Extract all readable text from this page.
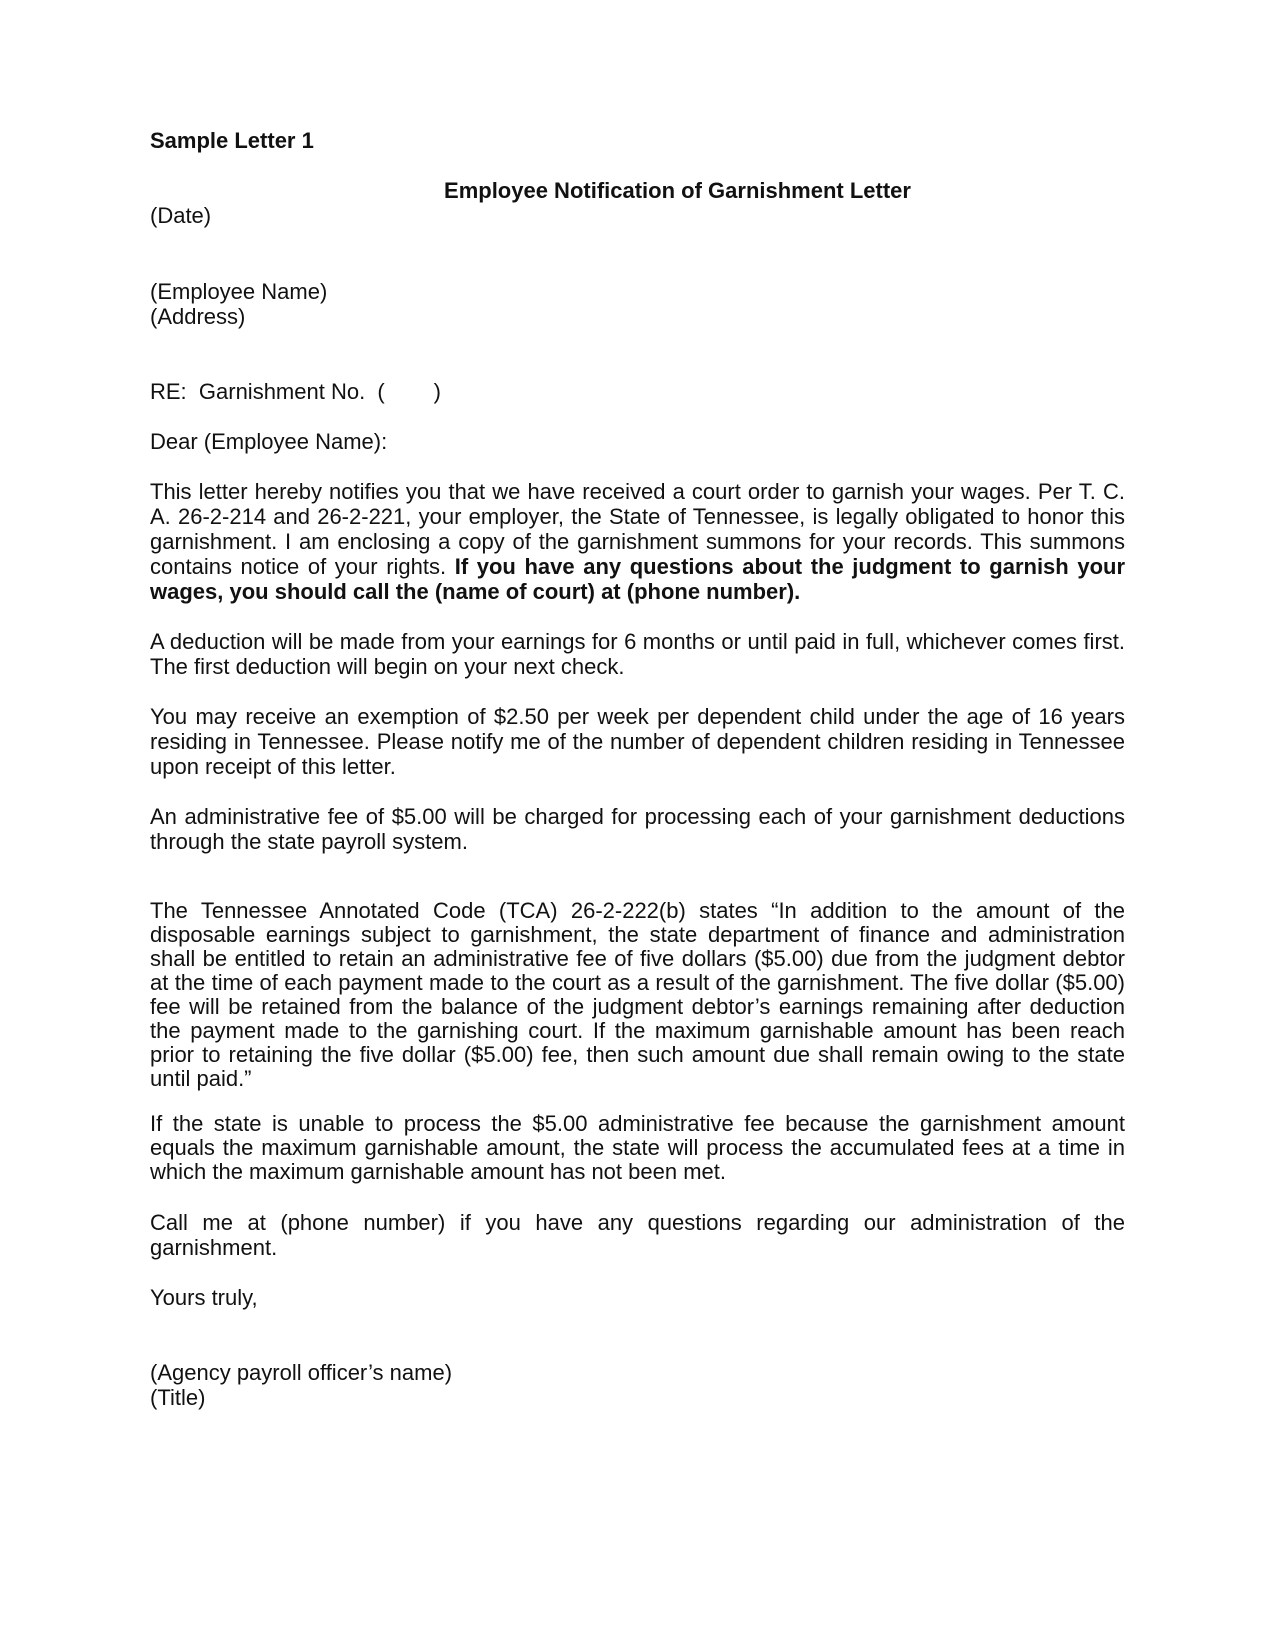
Sample Letter 1
Employee Notification of Garnishment Letter
(Date)
(Employee Name)
(Address)
RE:  Garnishment No.  (        )
Dear (Employee Name):

This letter hereby notifies you that we have received a court order to garnish your wages. Per T. C. A. 26-2-214 and 26-2-221, your employer, the State of Tennessee, is legally obligated to honor this garnishment. I am enclosing a copy of the garnishment summons for your records. This summons contains notice of your rights. If you have any questions about the judgment to garnish your wages, you should call the (name of court) at (phone number).

A deduction will be made from your earnings for 6 months or until paid in full, whichever comes first. The first deduction will begin on your next check.

You may receive an exemption of $2.50 per week per dependent child under the age of 16 years residing in Tennessee. Please notify me of the number of dependent children residing in Tennessee upon receipt of this letter.

An administrative fee of $5.00 will be charged for processing each of your garnishment deductions through the state payroll system.

The Tennessee Annotated Code (TCA) 26-2-222(b) states “In addition to the amount of the disposable earnings subject to garnishment, the state department of finance and administration shall be entitled to retain an administrative fee of five dollars ($5.00) due from the judgment debtor at the time of each payment made to the court as a result of the garnishment. The five dollar ($5.00) fee will be retained from the balance of the judgment debtor’s earnings remaining after deduction the payment made to the garnishing court. If the maximum garnishable amount has been reach prior to retaining the five dollar ($5.00) fee, then such amount due shall remain owing to the state until paid.”

If the state is unable to process the $5.00 administrative fee because the garnishment amount equals the maximum garnishable amount, the state will process the accumulated fees at a time in which the maximum garnishable amount has not been met.

Call me at (phone number) if you have any questions regarding our administration of the garnishment.

Yours truly,
(Agency payroll officer’s name)
(Title)
